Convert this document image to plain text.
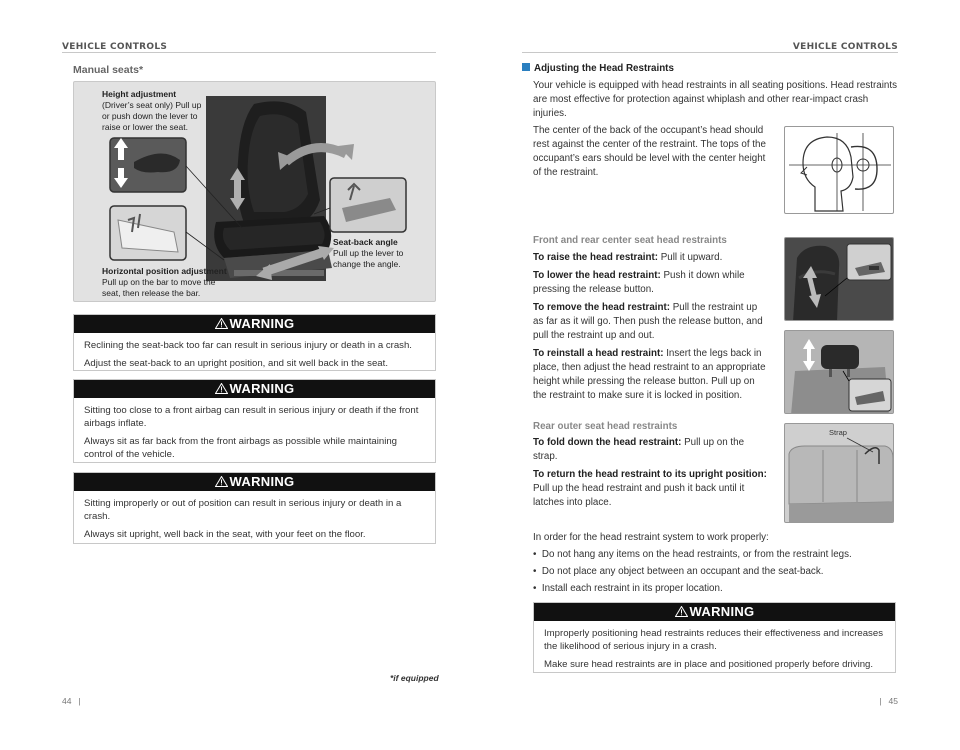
VEHICLE CONTROLS
Manual seats*
Height adjustment
(Driver’s seat only) Pull up or push down the lever to raise or lower the seat.
Horizontal position adjustment
Pull up on the bar to move the seat, then release the bar.
Seat-back angle
Pull up the lever to change the angle.
WARNING

Reclining the seat-back too far can result in serious injury or death in a crash.

Adjust the seat-back to an upright position, and sit well back in the seat.

WARNING

Sitting too close to a front airbag can result in serious injury or death if the front airbags inflate.

Always sit as far back from the front airbags as possible while maintaining control of the vehicle.

WARNING

Sitting improperly or out of position can result in serious injury or death in a crash.

Always sit upright, well back in the seat, with your feet on the floor.

*if equipped
44   |
VEHICLE CONTROLS
Adjusting the Head Restraints
Your vehicle is equipped with head restraints in all seating positions. Head restraints are most effective for protection against whiplash and other rear-impact crash injuries.
The center of the back of the occupant’s head should rest against the center of the restraint. The tops of the occupant’s ears should be level with the center height of the restraint.
Front and rear center seat head restraints

To raise the head restraint: Pull it upward.

To lower the head restraint: Push it down while pressing the release button.

To remove the head restraint: Pull the restraint up as far as it will go. Then push the release button, and pull the restraint up and out.

To reinstall a head restraint: Insert the legs back in place, then adjust the head restraint to an appropriate height while pressing the release button. Pull up on the restraint to make sure it is locked in position.

Rear outer seat head restraints

To fold down the head restraint: Pull up on the strap.

To return the head restraint to its upright position: Pull up the head restraint and push it back until it latches into place.

Strap
In order for the head restraint system to work properly:
•  Do not hang any items on the head restraints, or from the restraint legs.
•  Do not place any object between an occupant and the seat-back.
•  Install each restraint in its proper location.
WARNING

Improperly positioning head restraints reduces their effectiveness and increases the likelihood of serious injury in a crash.

Make sure head restraints are in place and positioned properly before driving.

|   45
